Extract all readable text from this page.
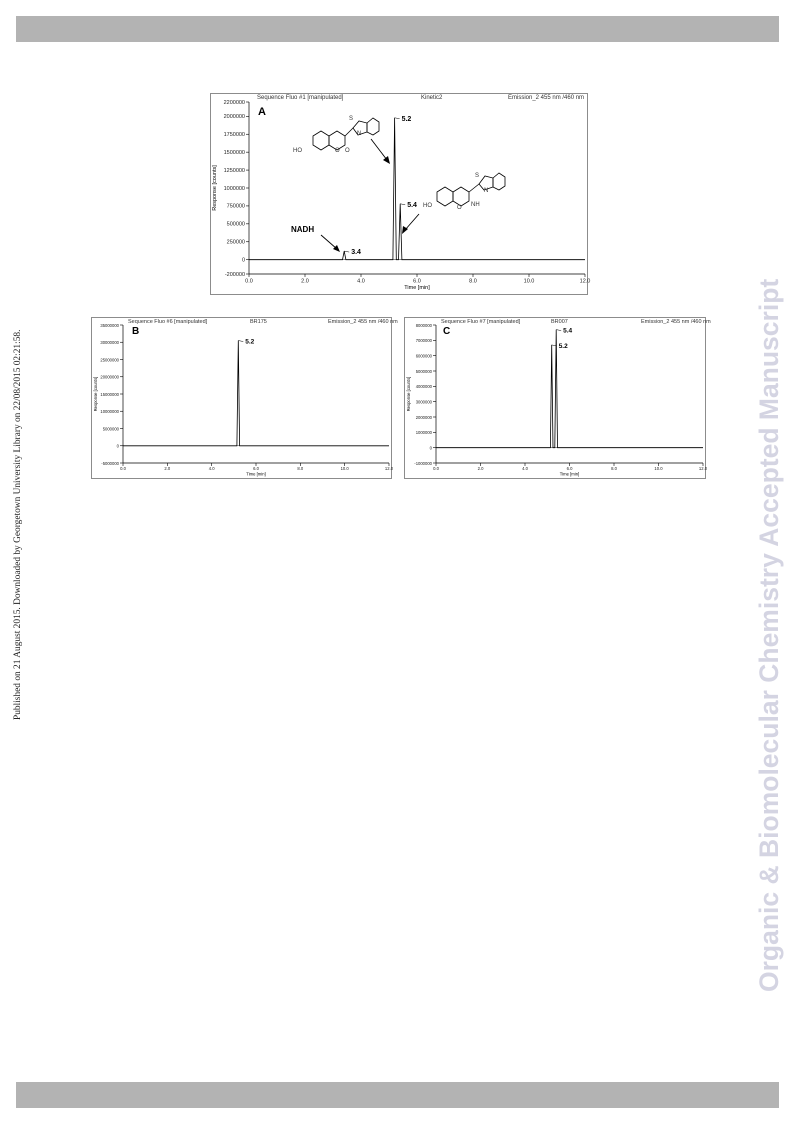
Published on 21 August 2015. Downloaded by Georgetown University Library on 22/08/2015 02:21:58.	Organic & Biomolecular Chemistry Accepted Manuscript
Sequence Fluo #1 [manipulated]	Kinetic2	Emission_2 455 nm /460 nm
-200000
0
250000
500000
750000
1000000
1250000
1500000
1750000
2000000
2200000
0.0	2.0	4.0	6.0	8.0	10.0	12.0
Time [min]
Response [counts]
3.4
5.2
5.4
A
NADH
HO	O O
S
N
HO	O NH
S
N
Sequence Fluo #6 [manipulated]	BR175	Emission_2 455 nm /460 nm
-5000000
0
5000000
10000000
15000000
20000000
25000000
30000000
35000000
0.0	2.0	4.0	6.0	8.0	10.0	12.0
Time [min]
Response [counts]
5.2
B
Sequence Fluo #7 [manipulated]	BR007	Emission_2 455 nm /460 nm
-1000000
0
1000000
2000000
3000000
4000000
5000000
6000000
7000000
8000000
0.0	2.0	4.0	6.0	8.0	10.0	12.0
Time [min]
Response [counts]
5.2
5.4
C
